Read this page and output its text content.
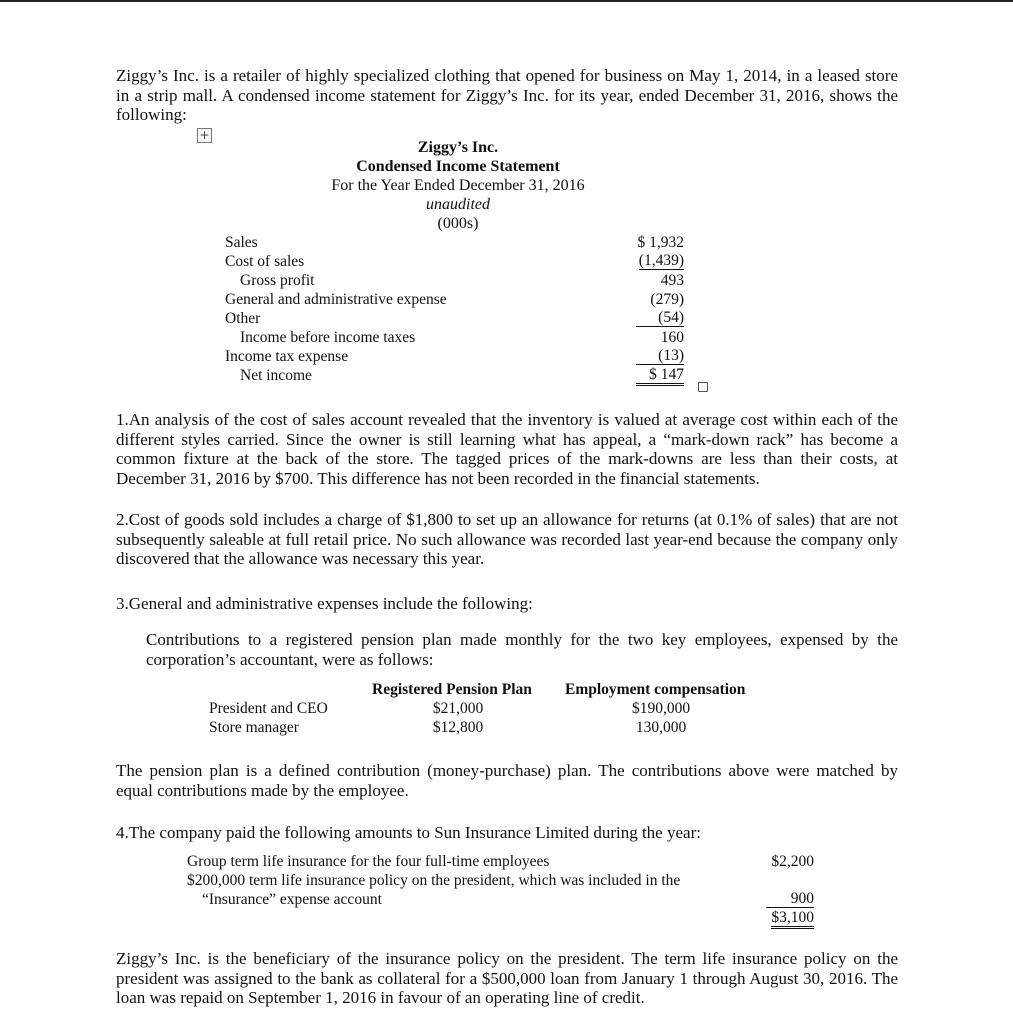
Ziggy’s Inc. is a retailer of highly specialized clothing that opened for business on May 1, 2014, in a leased store in a strip mall. A condensed income statement for Ziggy’s Inc. for its year, ended December 31, 2016, shows the following:
+
Ziggy’s Inc.
Condensed Income Statement
For the Year Ended December 31, 2016
unaudited
(000s)
Sales	$ 1,932
Cost of sales	(1,439)
Gross profit	493
General and administrative expense	(279)
Other	(54)
Income before income taxes	160
Income tax expense	(13)
Net income	$ 147
1.An analysis of the cost of sales account revealed that the inventory is valued at average cost within each of the different styles carried. Since the owner is still learning what has appeal, a “mark-down rack” has become a common fixture at the back of the store. The tagged prices of the mark-downs are less than their costs, at December 31, 2016 by $700. This difference has not been recorded in the financial statements.
2.Cost of goods sold includes a charge of $1,800 to set up an allowance for returns (at 0.1% of sales) that are not subsequently saleable at full retail price. No such allowance was recorded last year-end because the company only discovered that the allowance was necessary this year.
3.General and administrative expenses include the following:
Contributions to a registered pension plan made monthly for the two key employees, expensed by the corporation’s accountant, were as follows:
Registered Pension Plan Employment compensation
President and CEO	$21,000	$190,000
Store manager	$12,800	130,000
The pension plan is a defined contribution (money-purchase) plan. The contributions above were matched by equal contributions made by the employee.
4.The company paid the following amounts to Sun Insurance Limited during the year:
Group term life insurance for the four full-time employees	$2,200
$200,000 term life insurance policy on the president, which was included in the
“Insurance” expense account	900
$3,100
Ziggy’s Inc. is the beneficiary of the insurance policy on the president. The term life insurance policy on the president was assigned to the bank as collateral for a $500,000 loan from January 1 through August 30, 2016. The loan was repaid on September 1, 2016 in favour of an operating line of credit.
